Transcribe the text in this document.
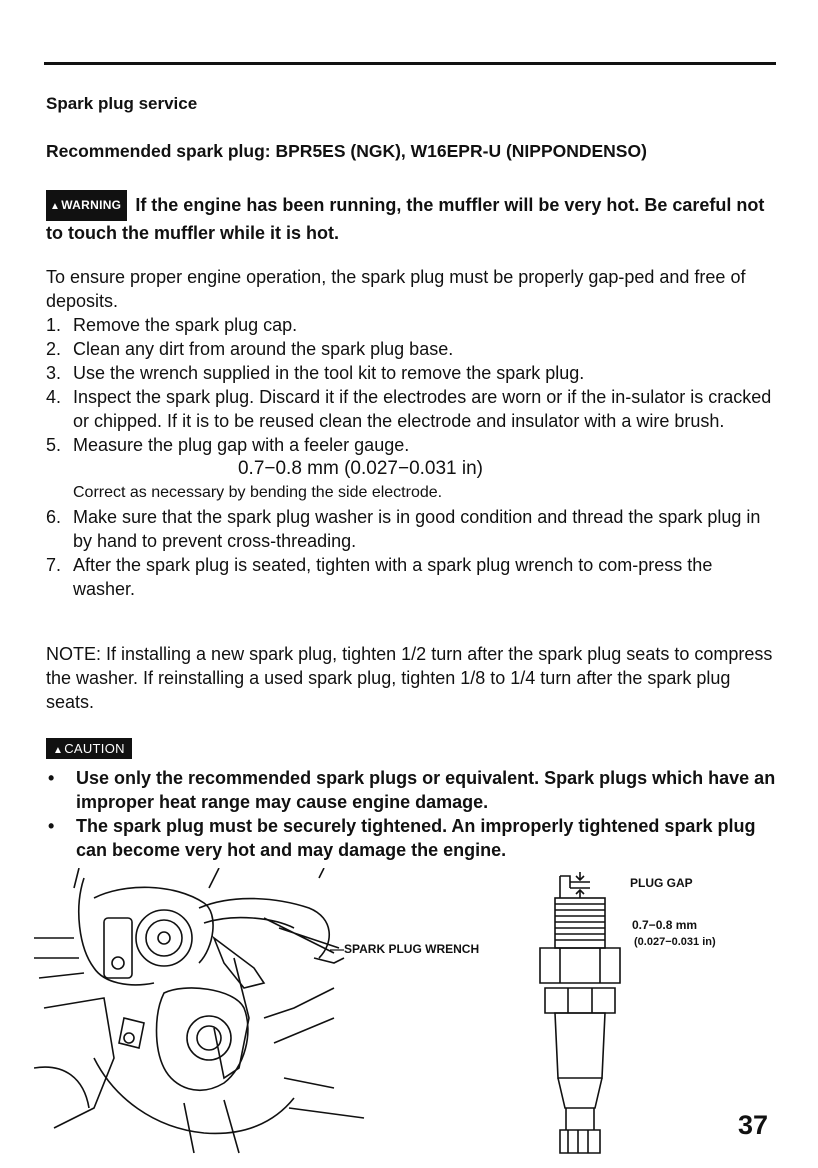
Spark plug service
Recommended spark plug: BPR5ES (NGK), W16EPR-U (NIPPONDENSO)
▲WARNING If the engine has been running, the muffler will be very hot. Be careful not to touch the muffler while it is hot.
To ensure proper engine operation, the spark plug must be properly gap-ped and free of deposits.
1. Remove the spark plug cap.
2. Clean any dirt from around the spark plug base.
3. Use the wrench supplied in the tool kit to remove the spark plug.
4. Inspect the spark plug. Discard it if the electrodes are worn or if the in-sulator is cracked or chipped. If it is to be reused clean the electrode and insulator with a wire brush.
5. Measure the plug gap with a feeler gauge.
0.7−0.8 mm (0.027−0.031 in)
Correct as necessary by bending the side electrode.
6. Make sure that the spark plug washer is in good condition and thread the spark plug in by hand to prevent cross-threading.
7. After the spark plug is seated, tighten with a spark plug wrench to com-press the washer.
NOTE: If installing a new spark plug, tighten 1/2 turn after the spark plug seats to compress the washer. If reinstalling a used spark plug, tighten 1/8 to 1/4 turn after the spark plug seats.
▲CAUTION
• Use only the recommended spark plugs or equivalent. Spark plugs which have an improper heat range may cause engine damage.
• The spark plug must be securely tightened. An improperly tightened spark plug can become very hot and may damage the engine.
SPARK PLUG WRENCH
PLUG GAP
0.7−0.8 mm
(0.027−0.031 in)
37
